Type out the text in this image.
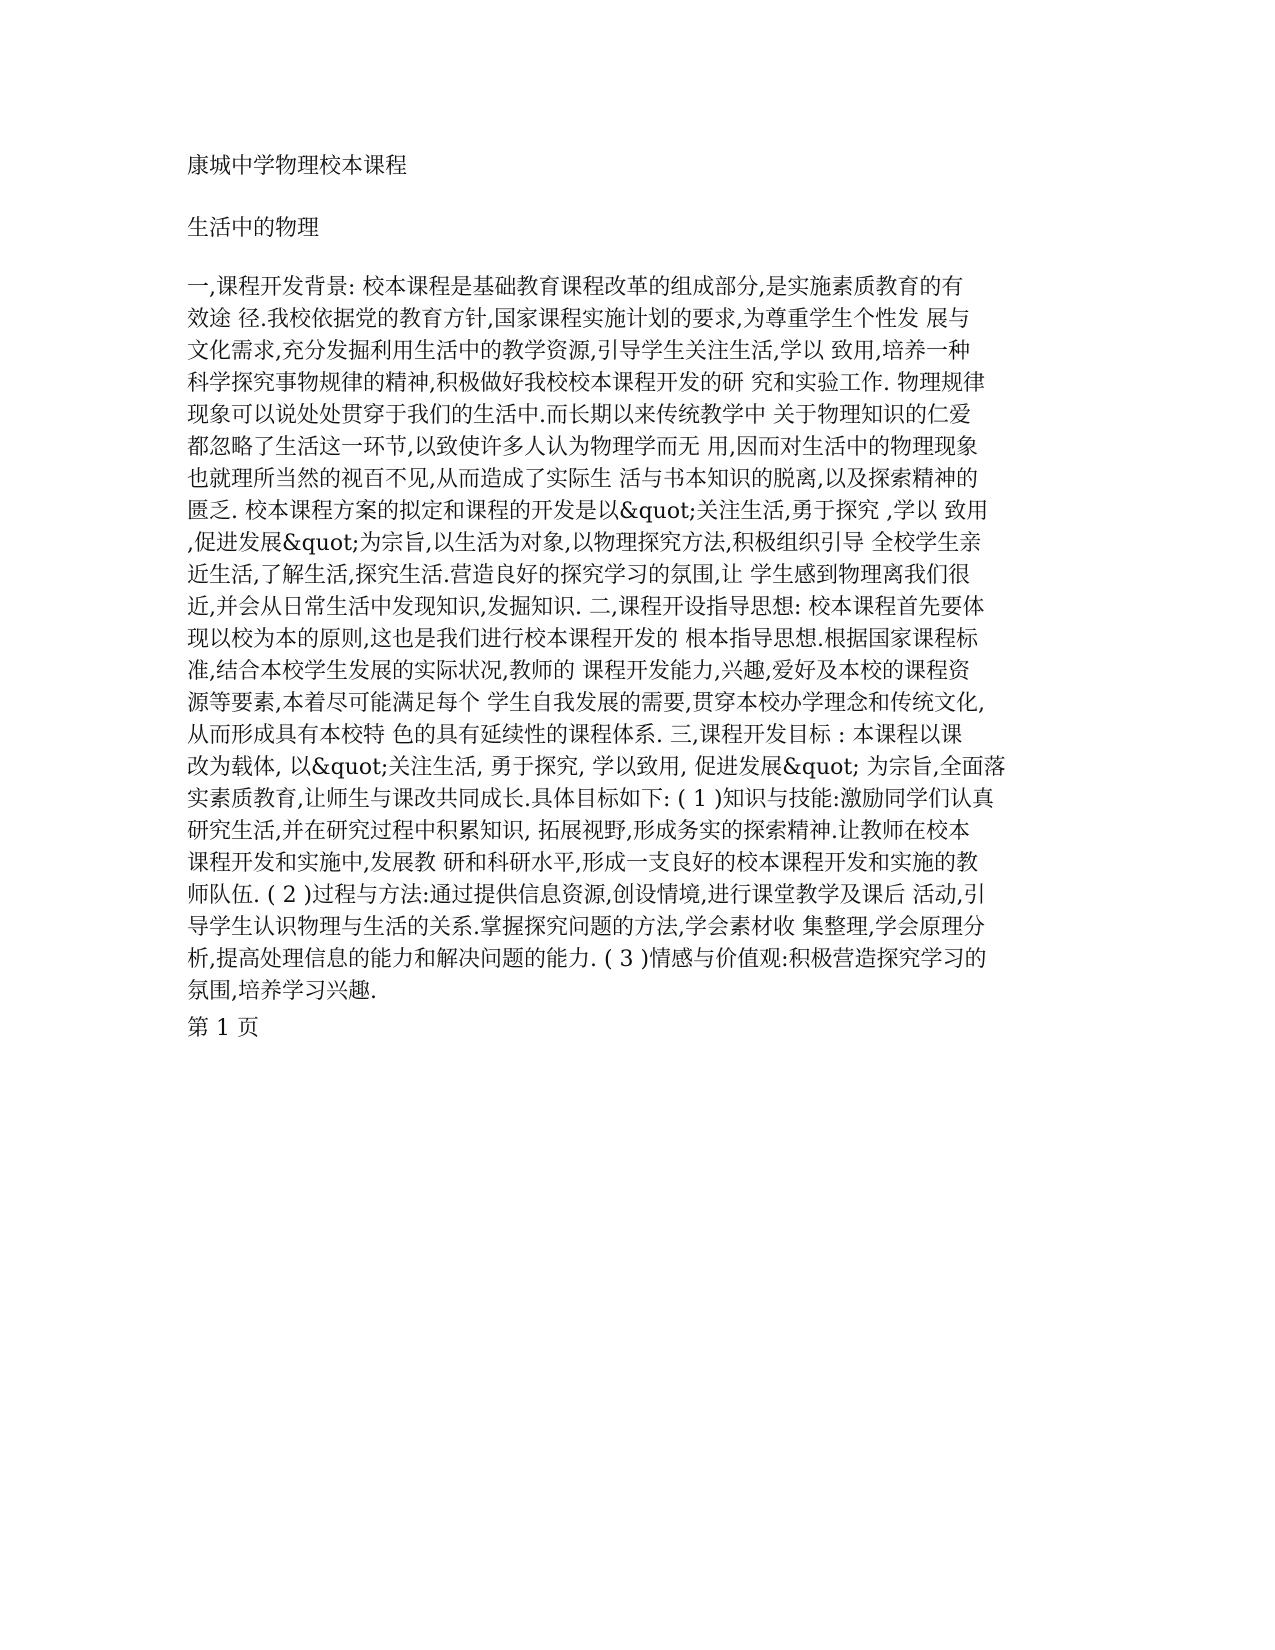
康城中学物理校本课程
生活中的物理
一,课程开发背景: 校本课程是基础教育课程改革的组成部分,是实施素质教育的有
效途 径.我校依据党的教育方针,国家课程实施计划的要求,为尊重学生个性发 展与
文化需求,充分发掘利用生活中的教学资源,引导学生关注生活,学以 致用,培养一种
科学探究事物规律的精神,积极做好我校校本课程开发的研 究和实验工作. 物理规律
现象可以说处处贯穿于我们的生活中.而长期以来传统教学中 关于物理知识的仁爱
都忽略了生活这一环节,以致使许多人认为物理学而无 用,因而对生活中的物理现象
也就理所当然的视百不见,从而造成了实际生 活与书本知识的脱离,以及探索精神的
匮乏. 校本课程方案的拟定和课程的开发是以&quot;关注生活,勇于探究 ,学以 致用
,促进发展&quot;为宗旨,以生活为对象,以物理探究方法,积极组织引导 全校学生亲
近生活,了解生活,探究生活.营造良好的探究学习的氛围,让 学生感到物理离我们很
近,并会从日常生活中发现知识,发掘知识. 二,课程开设指导思想: 校本课程首先要体
现以校为本的原则,这也是我们进行校本课程开发的 根本指导思想.根据国家课程标
准,结合本校学生发展的实际状况,教师的 课程开发能力,兴趣,爱好及本校的课程资
源等要素,本着尽可能满足每个 学生自我发展的需要,贯穿本校办学理念和传统文化,
从而形成具有本校特 色的具有延续性的课程体系. 三,课程开发目标 : 本课程以课
改为载体, 以&quot;关注生活, 勇于探究, 学以致用, 促进发展&quot; 为宗旨,全面落
实素质教育,让师生与课改共同成长.具体目标如下: ( 1 )知识与技能:激励同学们认真
研究生活,并在研究过程中积累知识, 拓展视野,形成务实的探索精神.让教师在校本
课程开发和实施中,发展教 研和科研水平,形成一支良好的校本课程开发和实施的教
师队伍. ( 2 )过程与方法:通过提供信息资源,创设情境,进行课堂教学及课后 活动,引
导学生认识物理与生活的关系.掌握探究问题的方法,学会素材收 集整理,学会原理分
析,提高处理信息的能力和解决问题的能力. ( 3 )情感与价值观:积极营造探究学习的
氛围,培养学习兴趣.
第 1 页
